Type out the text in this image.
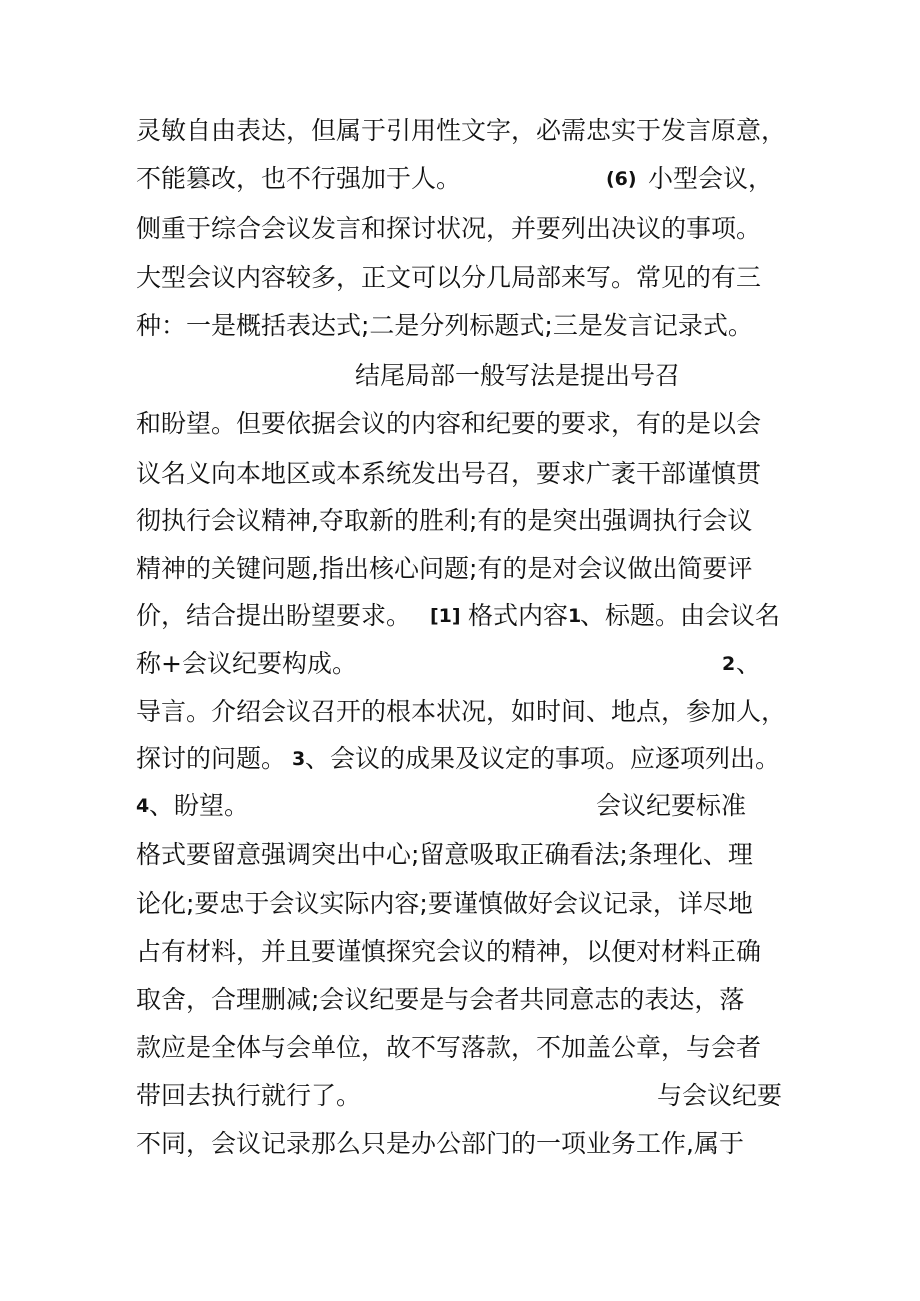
灵敏自由表达，但属于引用性文字，必需忠实于发言原意，
不能篡改，也不行强加于人。	(6) 小型会议，
侧重于综合会议发言和探讨状况，并要列出决议的事项。
大型会议内容较多，正文可以分几局部来写。常见的有三
种：一是概括表达式;二是分列标题式;三是发言记录式。
结尾局部一般写法是提出号召
和盼望。但要依据会议的内容和纪要的要求，有的是以会
议名义向本地区或本系统发出号召，要求广袤干部谨慎贯
彻执行会议精神,夺取新的胜利;有的是突出强调执行会议
精神的关键问题,指出核心问题;有的是对会议做出简要评
价，结合提出盼望要求。 [1] 格式内容 1
、标题。由会议名
称+会议纪要构成。	2 、
导言。介绍会议召开的根本状况，如时间、地点，参加人，
探讨的问题。 3 、会议的成果及议定的事项。应逐项列出。
4 、盼望。	会议纪要标准
格式要留意强调突出中心;留意吸取正确看法;条理化、理
论化;要忠于会议实际内容;要谨慎做好会议记录，详尽地
占有材料，并且要谨慎探究会议的精神，以便对材料正确
取舍，合理删减;会议纪要是与会者共同意志的表达，落
款应是全体与会单位，故不写落款，不加盖公章，与会者
带回去执行就行了。	与会议纪要
不同，会议记录那么只是办公部门的一项业务工作,属于
